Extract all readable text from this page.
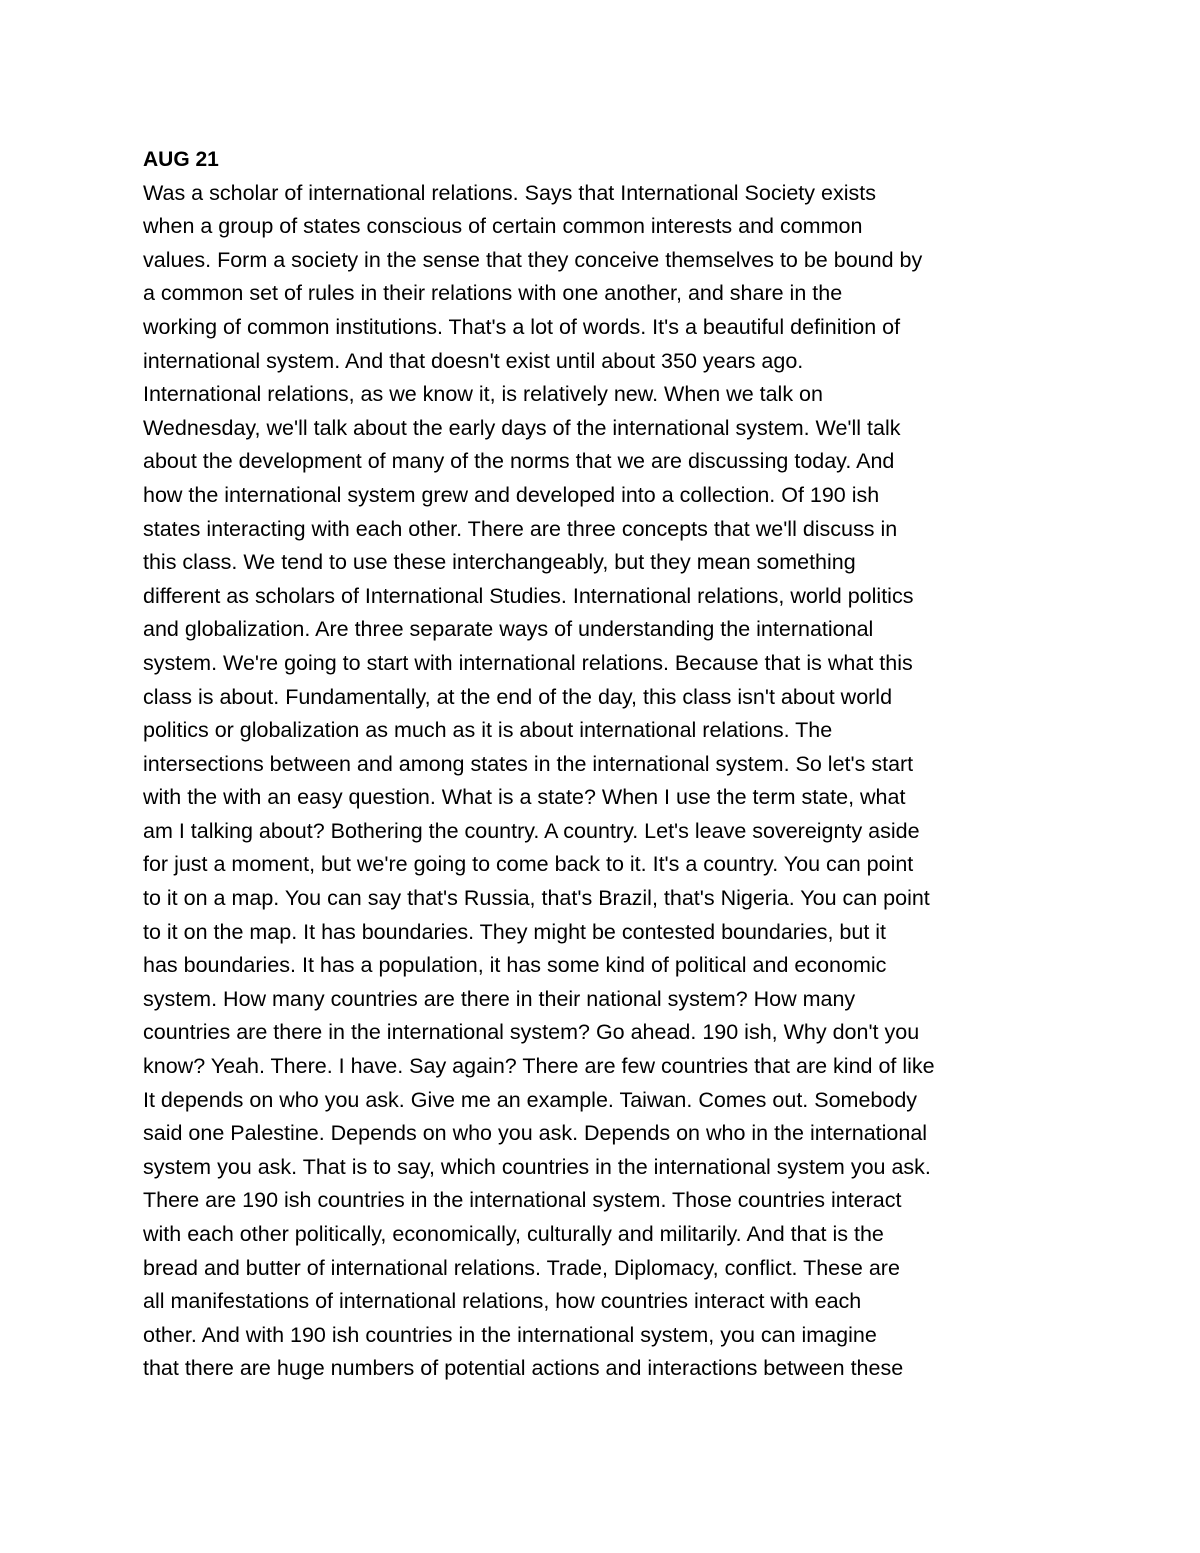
AUG 21
Was a scholar of international relations. Says that International Society exists
when a group of states conscious of certain common interests and common
values. Form a society in the sense that they conceive themselves to be bound by
a common set of rules in their relations with one another, and share in the
working of common institutions. That's a lot of words. It's a beautiful definition of
international system. And that doesn't exist until about 350 years ago.
International relations, as we know it, is relatively new. When we talk on
Wednesday, we'll talk about the early days of the international system. We'll talk
about the development of many of the norms that we are discussing today. And
how the international system grew and developed into a collection. Of 190 ish
states interacting with each other. There are three concepts that we'll discuss in
this class. We tend to use these interchangeably, but they mean something
different as scholars of International Studies. International relations, world politics
and globalization. Are three separate ways of understanding the international
system. We're going to start with international relations. Because that is what this
class is about. Fundamentally, at the end of the day, this class isn't about world
politics or globalization as much as it is about international relations. The
intersections between and among states in the international system. So let's start
with the with an easy question. What is a state? When I use the term state, what
am I talking about? Bothering the country. A country. Let's leave sovereignty aside
for just a moment, but we're going to come back to it. It's a country. You can point
to it on a map. You can say that's Russia, that's Brazil, that's Nigeria. You can point
to it on the map. It has boundaries. They might be contested boundaries, but it
has boundaries. It has a population, it has some kind of political and economic
system. How many countries are there in their national system? How many
countries are there in the international system? Go ahead. 190 ish, Why don't you
know? Yeah. There. I have. Say again? There are few countries that are kind of like
It depends on who you ask. Give me an example. Taiwan. Comes out. Somebody
said one Palestine. Depends on who you ask. Depends on who in the international
system you ask. That is to say, which countries in the international system you ask.
There are 190 ish countries in the international system. Those countries interact
with each other politically, economically, culturally and militarily. And that is the
bread and butter of international relations. Trade, Diplomacy, conflict. These are
all manifestations of international relations, how countries interact with each
other. And with 190 ish countries in the international system, you can imagine
that there are huge numbers of potential actions and interactions between these
